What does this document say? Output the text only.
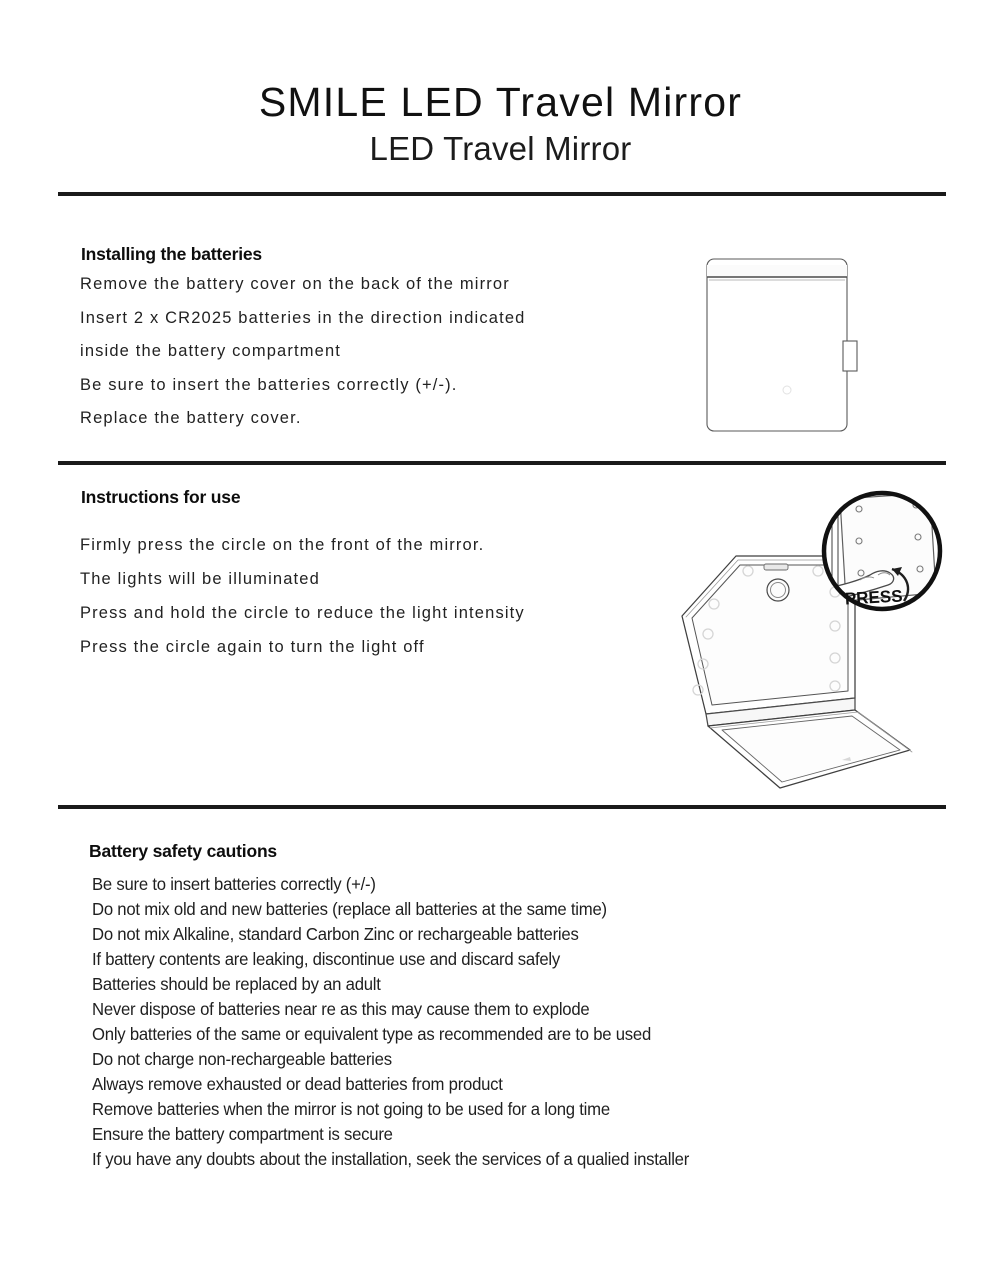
SMILE LED Travel Mirror
LED Travel Mirror
Installing the batteries
Remove the battery cover on the back of the mirror
Insert 2 x CR2025 batteries in the direction indicated
inside the battery compartment
Be sure to insert the batteries correctly (+/-).
Replace the battery cover.
Instructions for use
Firmly press the circle on the front of the mirror.
The lights will be illuminated
Press and hold the circle to reduce the light intensity
Press the circle again to turn the light off
PRESS
Battery safety cautions
Be sure to insert batteries correctly (+/-)
Do not mix old and new batteries (replace all batteries at the same time)
Do not mix Alkaline, standard Carbon Zinc or rechargeable batteries
If battery contents are leaking, discontinue use and discard safely
Batteries should be replaced by an adult
Never dispose of batteries near re as this may cause them to explode
Only batteries of the same or equivalent type as recommended are to be used
Do not charge non-rechargeable batteries
Always remove exhausted or dead batteries from product
Remove batteries when the mirror is not going to be used for a long time
Ensure the battery compartment is secure
If you have any doubts about the installation, seek the services of a qualied installer
